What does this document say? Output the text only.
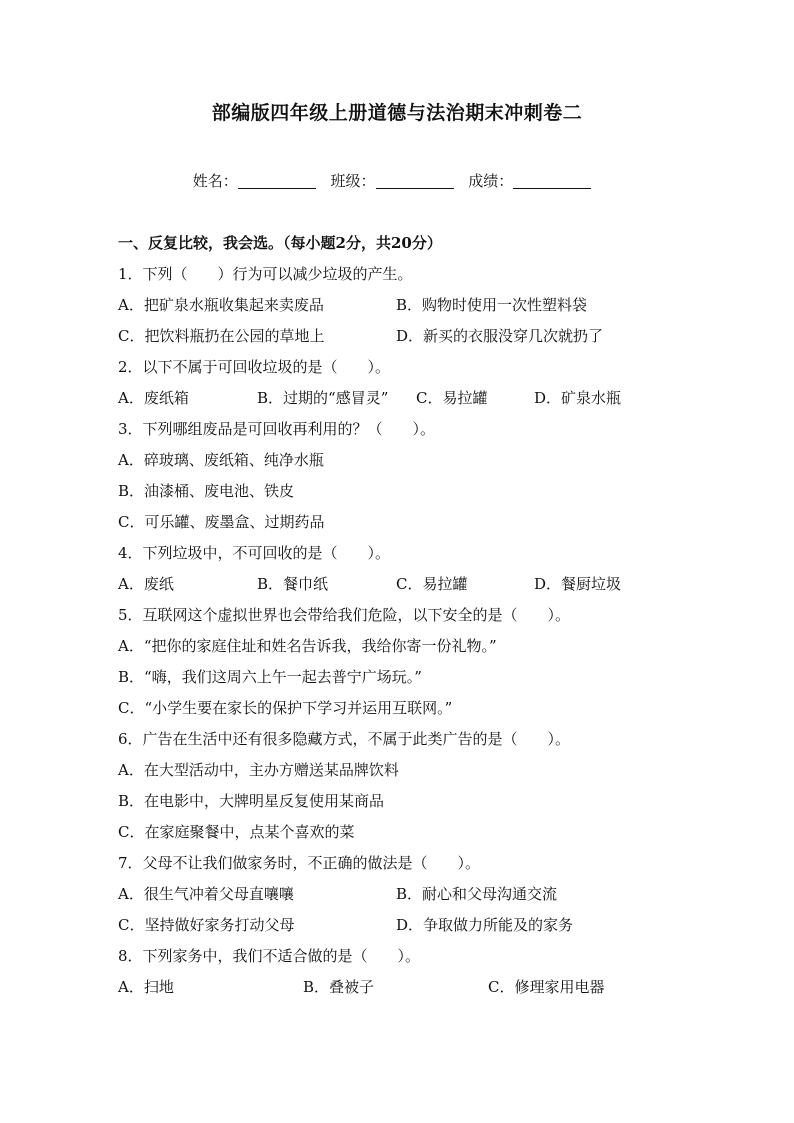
部编版四年级上册道德与法治期末冲刺卷二
姓名：	班级：	成绩：
一、反复比较，我会选。（每小题2分，共20分）
1．下列（　　）行为可以减少垃圾的产生。
A．把矿泉水瓶收集起来卖废品	B．购物时使用一次性塑料袋
C．把饮料瓶扔在公园的草地上	D．新买的衣服没穿几次就扔了
2．以下不属于可回收垃圾的是（　　）。
A．废纸箱	B．过期的“感冒灵” C．易拉罐	D．矿泉水瓶
3．下列哪组废品是可回收再利用的？（　　）。
A．碎玻璃、废纸箱、纯净水瓶
B．油漆桶、废电池、铁皮
C．可乐罐、废墨盒、过期药品
4．下列垃圾中，不可回收的是（　　）。
A．废纸	B．餐巾纸	C．易拉罐	D．餐厨垃圾
5．互联网这个虚拟世界也会带给我们危险，以下安全的是（　　）。
A．“把你的家庭住址和姓名告诉我，我给你寄一份礼物。”
B．“嗨，我们这周六上午一起去普宁广场玩。”
C．“小学生要在家长的保护下学习并运用互联网。”
6．广告在生活中还有很多隐藏方式，不属于此类广告的是（　　）。
A．在大型活动中，主办方赠送某品牌饮料
B．在电影中，大牌明星反复使用某商品
C．在家庭聚餐中，点某个喜欢的菜
7．父母不让我们做家务时，不正确的做法是（　　）。
A．很生气冲着父母直嚷嚷	B．耐心和父母沟通交流
C．坚持做好家务打动父母	D．争取做力所能及的家务
8．下列家务中，我们不适合做的是（　　）。
A．扫地	B．叠被子	C．修理家用电器
